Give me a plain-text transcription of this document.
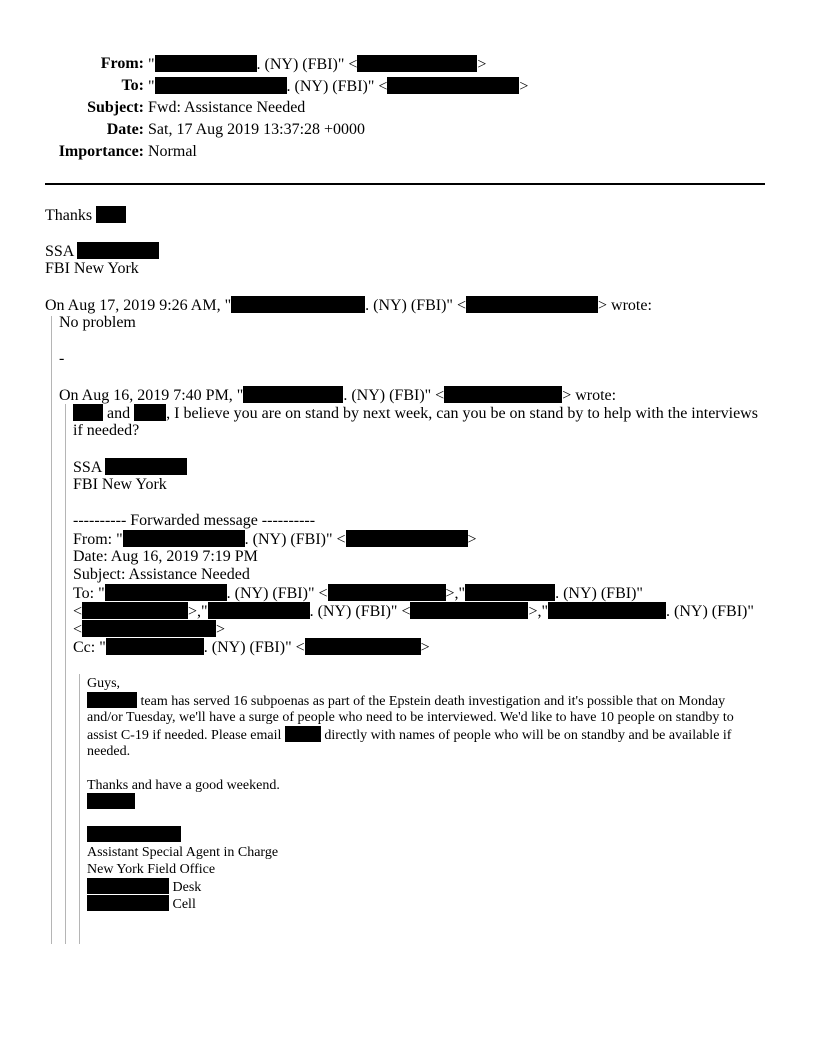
From: "	. (NY) (FBI)" <	>
To: "	. (NY) (FBI)" <	>
Subject: Fwd: Assistance Needed
Date: Sat, 17 Aug 2019 13:37:28 +0000
Importance: Normal
Thanks
SSA
FBI New York
On Aug 17, 2019 9:26 AM, "	. (NY) (FBI)" <	> wrote:
No problem
-
On Aug 16, 2019 7:40 PM, "	. (NY) (FBI)" <	> wrote:
and , I believe you are on stand by next week, can you be on stand by to help with the interviews
if needed?
SSA
FBI New York
---------- Forwarded message ----------
From: "	. (NY) (FBI)" <	>
Date: Aug 16, 2019 7:19 PM
Subject: Assistance Needed
To: "	. (NY) (FBI)" <	>,"	. (NY) (FBI)"
<	>,"	. (NY) (FBI)" <	>,"	. (NY) (FBI)"
<	>
Cc: "	. (NY) (FBI)" <	>
Guys,
team has served 16 subpoenas as part of the Epstein death investigation and it's possible that on Monday
and/or Tuesday, we'll have a surge of people who need to be interviewed. We'd like to have 10 people on standby to
assist C-19 if needed. Please email	directly with names of people who will be on standby and be available if
needed.
Thanks and have a good weekend.
Assistant Special Agent in Charge
New York Field Office
Desk
Cell
